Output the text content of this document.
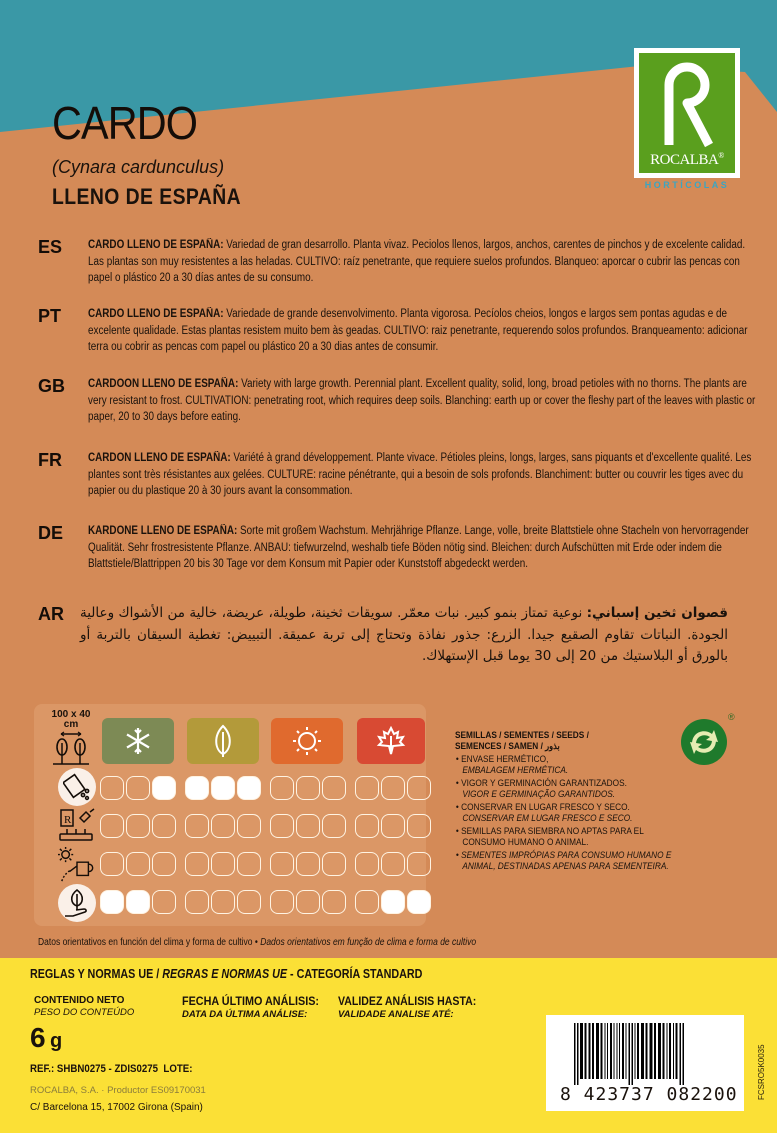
CARDO
(Cynara cardunculus)
LLENO DE ESPAÑA
ROCALBA®
HORTÍCOLAS
ES CARDO LLENO DE ESPAÑA: Variedad de gran desarrollo. Planta vivaz. Peciolos llenos, largos, anchos, carentes de pinchos y de excelente calidad. Las plantas son muy resistentes a las heladas. CULTIVO: raíz penetrante, que requiere suelos profundos. Blanqueo: aporcar o cubrir las pencas con papel o plástico 20 a 30 días antes de su consumo.
PT CARDO LLENO DE ESPAÑA: Variedade de grande desenvolvimento. Planta vigorosa. Pecíolos cheios, longos e largos sem pontas agudas e de excelente qualidade. Estas plantas resistem muito bem às geadas. CULTIVO: raiz penetrante, requerendo solos profundos. Branqueamento: adicionar terra ou cobrir as pencas com papel ou plástico 20 a 30 dias antes de consumir.
GB CARDOON LLENO DE ESPAÑA: Variety with large growth. Perennial plant. Excellent quality, solid, long, broad petioles with no thorns. The plants are very resistant to frost. CULTIVATION: penetrating root, which requires deep soils. Blanching: earth up or cover the fleshy part of the leaves with plastic or paper, 20 to 30 days before eating.
FR CARDON LLENO DE ESPAÑA: Variété à grand développement. Plante vivace. Pétioles pleins, longs, larges, sans piquants et d'excellente qualité. Les plantes sont très résistantes aux gelées. CULTURE: racine pénétrante, qui a besoin de sols profonds. Blanchiment: butter ou couvrir les tiges avec du papier ou du plastique 20 à 30 jours avant la consommation.
DE KARDONE LLENO DE ESPAÑA: Sorte mit großem Wachstum. Mehrjährige Pflanze. Lange, volle, breite Blattstiele ohne Stacheln von hervorragender Qualität. Sehr frostresistente Pflanze. ANBAU: tiefwurzelnd, weshalb tiefe Böden nötig sind. Bleichen: durch Aufschütten mit Erde oder indem die Blattstiele/Blattrippen 20 bis 30 Tage vor dem Konsum mit Papier oder Kunststoff abgedeckt werden.
AR	قصوان ثخين إسباني: نوعية تمتاز بنمو كبير. نبات معمّر. سويقات ثخينة، طويلة، عريضة، خالية من الأشواك وعالية الجودة. النباتات تقاوم الصقيع جيدا. الزرع: جذور نفاذة وتحتاج إلى تربة عميقة. التبييض: تغطية السيقان بالتربة أو بالورق أو البلاستيك من 20 إلى 30 يوما قبل الإستهلاك.
100 x 40
cm
R
SEMILLAS / SEMENTES / SEEDS /
SEMENCES / SAMEN / بذور
• ENVASE HERMÉTICO,
EMBALAGEM HERMÉTICA.
• VIGOR Y GERMINACIÓN GARANTIZADOS.
VIGOR E GERMINAÇÃO GARANTIDOS.
• CONSERVAR EN LUGAR FRESCO Y SECO.
CONSERVAR EM LUGAR FRESCO E SECO.
• SEMILLAS PARA SIEMBRA NO APTAS PARA EL CONSUMO HUMANO O ANIMAL.
• SEMENTES IMPRÓPIAS PARA CONSUMO HUMANO E ANIMAL, DESTINADAS APENAS PARA SEMENTEIRA.
®
Datos orientativos en función del clima y forma de cultivo • Dados orientativos em função de clima e forma de cultivo
REGLAS Y NORMAS UE / REGRAS E NORMAS UE - CATEGORÍA STANDARD
CONTENIDO NETO
PESO DO CONTEÚDO
6 g
FECHA ÚLTIMO ANÁLISIS:
DATA DA ÚLTIMA ANÁLISE:
VALIDEZ ANÁLISIS HASTA:
VALIDADE ANALISE ATÉ:
REF.: SHBN0275 - ZDIS0275  LOTE:
ROCALBA, S.A. · Productor ES09170031
C/ Barcelona 15, 17002 Girona (Spain)
8 423737 082200 FCSRO5K0035
